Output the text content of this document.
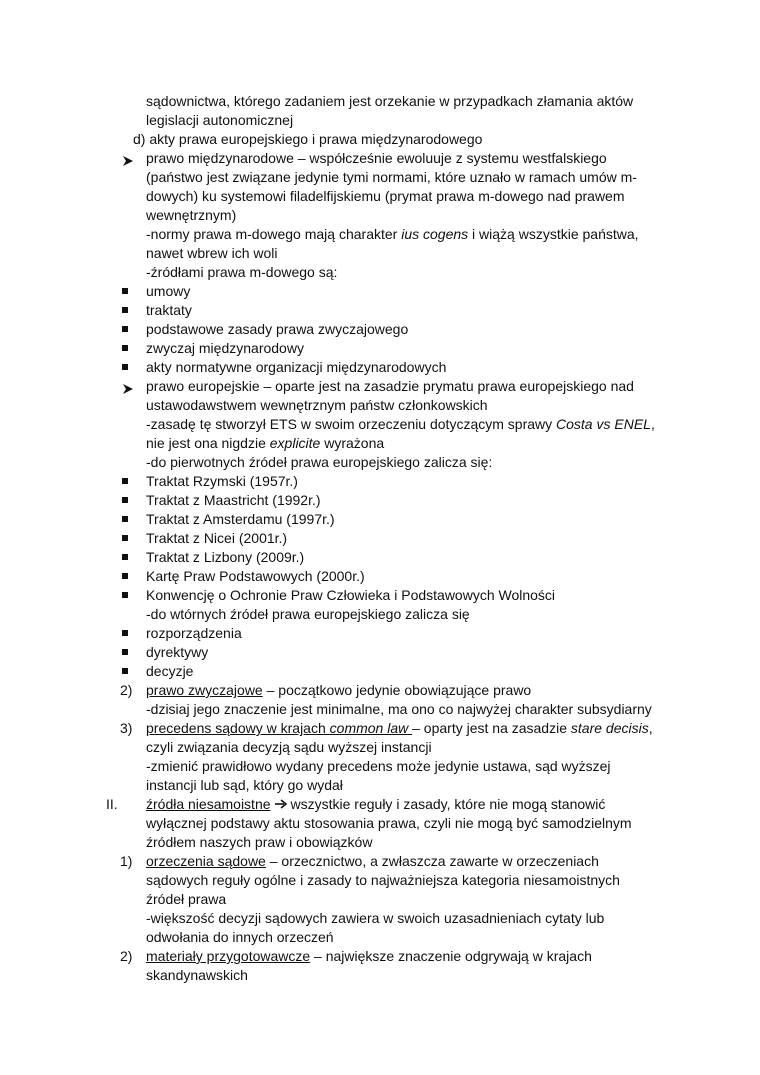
sądownictwa, którego zadaniem jest orzekanie w przypadkach złamania aktów
legislacji autonomicznej
d) akty prawa europejskiego i prawa międzynarodowego
prawo międzynarodowe – współcześnie ewoluuje z systemu westfalskiego
(państwo jest związane jedynie tymi normami, które uznało w ramach umów m-
dowych) ku systemowi filadelfijskiemu (prymat prawa m-dowego nad prawem
wewnętrznym)
-normy prawa m-dowego mają charakter ius cogens i wiążą wszystkie państwa,
nawet wbrew ich woli
-źródłami prawa m-dowego są:
umowy
traktaty
podstawowe zasady prawa zwyczajowego
zwyczaj międzynarodowy
akty normatywne organizacji międzynarodowych
prawo europejskie – oparte jest na zasadzie prymatu prawa europejskiego nad
ustawodawstwem wewnętrznym państw członkowskich
-zasadę tę stworzył ETS w swoim orzeczeniu dotyczącym sprawy Costa vs ENEL,
nie jest ona nigdzie explicite wyrażona
-do pierwotnych źródeł prawa europejskiego zalicza się:
Traktat Rzymski (1957r.)
Traktat z Maastricht (1992r.)
Traktat z Amsterdamu (1997r.)
Traktat z Nicei (2001r.)
Traktat z Lizbony (2009r.)
Kartę Praw Podstawowych (2000r.)
Konwencję o Ochronie Praw Człowieka i Podstawowych Wolności
-do wtórnych źródeł prawa europejskiego zalicza się
rozporządzenia
dyrektywy
decyzje
2) prawo zwyczajowe – początkowo jedynie obowiązujące prawo
-dzisiaj jego znaczenie jest minimalne, ma ono co najwyżej charakter subsydiarny
3) precedens sądowy w krajach common law – oparty jest na zasadzie stare decisis,
czyli związania decyzją sądu wyższej instancji
-zmienić prawidłowo wydany precedens może jedynie ustawa, sąd wyższej
instancji lub sąd, który go wydał
II. źródła niesamoistne wszystkie reguły i zasady, które nie mogą stanowić
wyłącznej podstawy aktu stosowania prawa, czyli nie mogą być samodzielnym
źródłem naszych praw i obowiązków
1) orzeczenia sądowe – orzecznictwo, a zwłaszcza zawarte w orzeczeniach
sądowych reguły ogólne i zasady to najważniejsza kategoria niesamoistnych
źródeł prawa
-większość decyzji sądowych zawiera w swoich uzasadnieniach cytaty lub
odwołania do innych orzeczeń
2) materiały przygotowawcze – największe znaczenie odgrywają w krajach
skandynawskich
